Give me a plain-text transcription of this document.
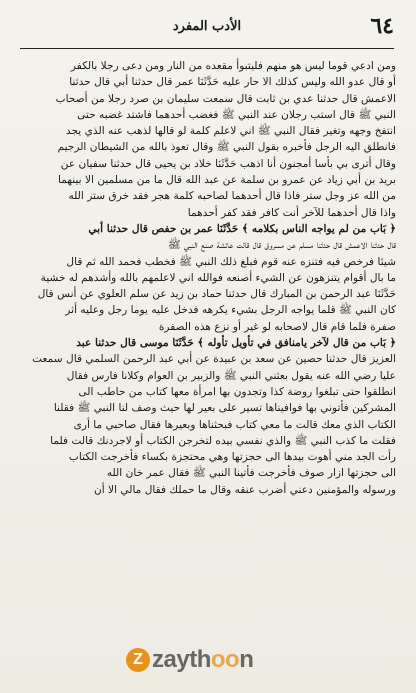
٦٤
الأدب المفرد

ومن ادعي قوما ليس هو منهم فليتبوأ مقعده من النار ومن دعى رجلا بالكفر

أو قال عدو الله وليس كذلك الا حار عليه حَدَّثَنَا عمر قال حدثنا أبي قال حدثنا

الاعمش قال حدثنا عدي بن ثابت قال سمعت سليمان بن صرد رجلا من أصحاب

النبي ﷺ قال استب رجلان عند النبي ﷺ فغضب أحدهما فاشتد غضبه حتى

انتفخ وجهه وتغير فقال النبي ﷺ اني لاعلم كلمة لو قالها لذهب عنه الذي يجد

فانطلق اليه الرجل فأخبره بقول النبي ﷺ وقال تعوذ بالله من الشيطان الرجيم

وقال أترى بي بأسا أمجنون أنا اذهب حَدَّثَنَا خلاد بن يحيى قال حدثنا سفيان عن

بريد بن أبي زياد عن عمرو بن سلمة عن عبد الله قال ما من مسلمين الا بينهما

من الله عز وجل ستر فاذا قال أحدهما لصاحبه كلمة هجر فقد خرق ستر الله

واذا قال أحدهما للآخر أنت كافر فقد كفر أحدهما

﴿ بَاب من لم يواجه الناس بكلامه ﴾ حَدَّثَنَا عمر بن حفص قال حدثنا أبي

قال حدثنا الاعمش قال حدثنا مسلم عن مسروق قال قالت عائشة صنع النبي ﷺ

شيئا فرخص فيه فتنزه عنه قوم فبلغ ذلك النبي ﷺ فخطب فحمد الله ثم قال

ما بال أقوام يتنزهون عن الشيء أصنعه فوالله اني لاعلمهم بالله وأشدهم له خشية

حَدَّثَنَا عبد الرحمن بن المبارك قال حدثنا حماد بن زيد عن سلم العلوي عن أنس قال

كان النبي ﷺ قلما يواجه الرجل بشيء يكرهه فدخل عليه يوما رجل وعليه أثر

صفرة فلما قام قال لاصحابه لو غير أو نزع هذه الصفرة

﴿ بَاب من قال لآخر يامنافق في تأويل تأوله ﴾ حَدَّثَنَا موسى قال حدثنا عبد

العزيز قال حدثنا حصين عن سعد بن عبيدة عن أبي عبد الرحمن السلمي قال سمعت

عليا رضي الله عنه يقول بعثني النبي ﷺ والزبير بن العوام وكلانا فارس فقال

انطلقوا حتى تبلغوا روضة كذا وتجدون بها امرأة معها كتاب من حاطب الى

المشركين فأتوني بها فوافيناها تسير على بعير لها حيث وصف لنا النبي ﷺ فقلنا

الكتاب الذي معك قالت ما معي كتاب فبحثناها وبعيرها فقال صاحبي ما أرى

فقلت ما كذب النبي ﷺ والذي نفسي بيده لتخرجن الكتاب أو لاجردنك قالت فلما

رأت الجد مني أهوت بيدها الى حجزتها وهي محتجزة بكساء فأخرجت الكتاب

الى حجزتها ازار صوف فأخرجت فأتينا النبي ﷺ فقال عمر خان الله

ورسوله والمؤمنين دعني أضرب عنقه وقال ما حملك فقال مالي الا أن

Z zaythoon
